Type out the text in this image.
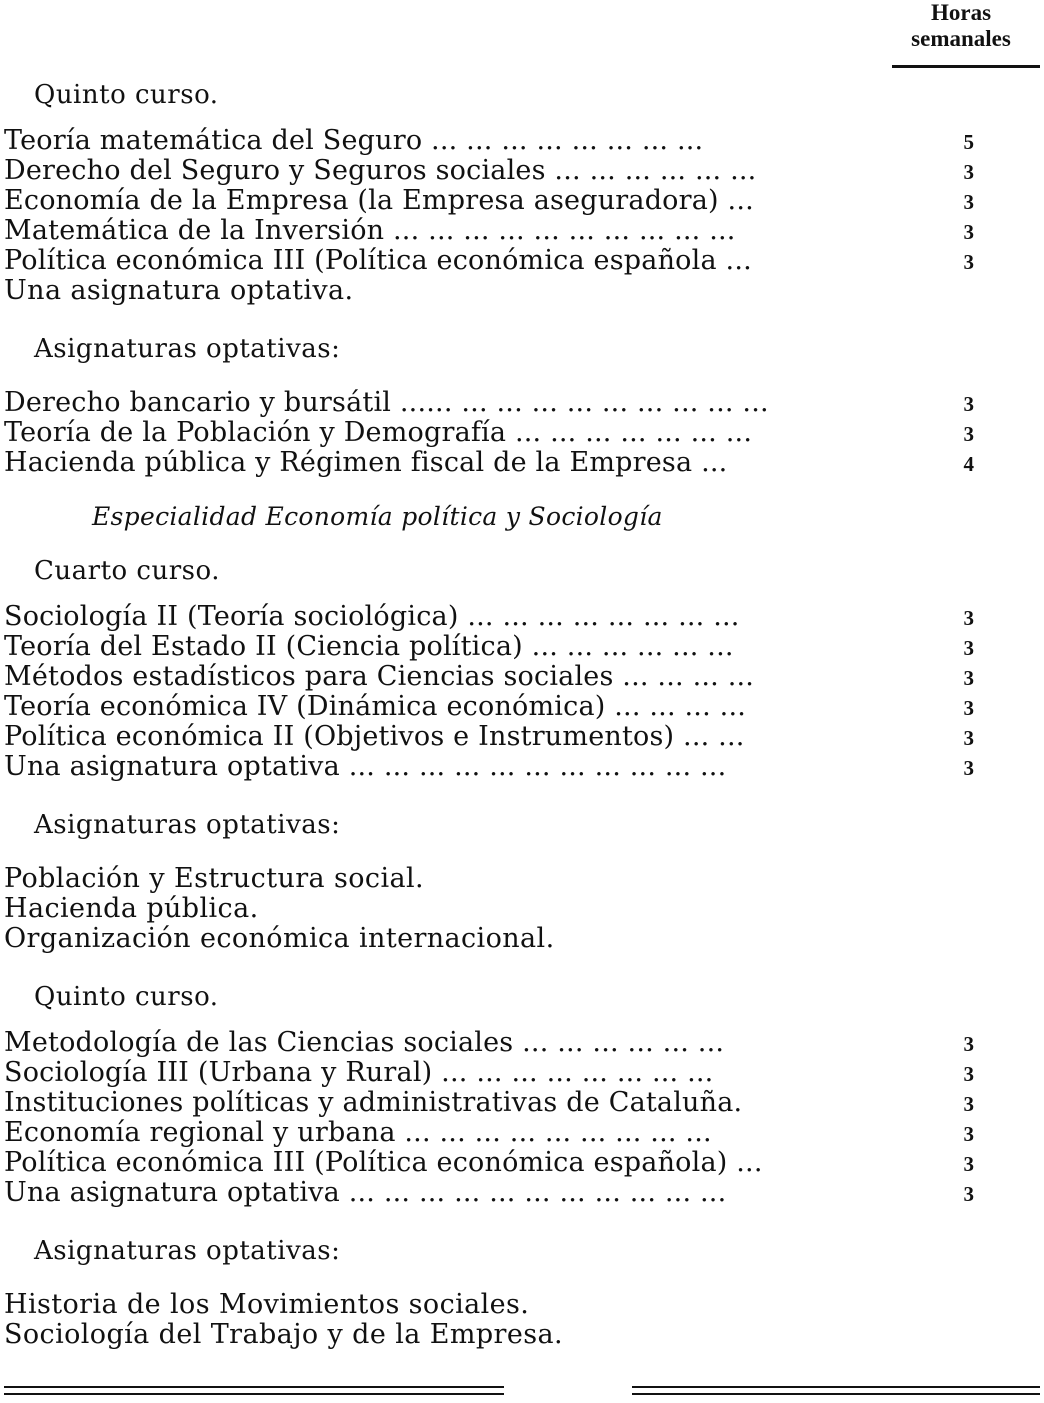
Horas
semanales
Quinto curso.
Teoría matemática del Seguro ... ... ... ... ... ... ... ...	5
Derecho del Seguro y Seguros sociales ... ... ... ... ... ...	3
Economía de la Empresa (la Empresa aseguradora) ...	3
Matemática de la Inversión ... ... ... ... ... ... ... ... ... ...	3
Política económica III (Política económica española ...	3
Una asignatura optativa.
Asignaturas optativas:
Derecho bancario y bursátil ...... ... ... ... ... ... ... ... ... ...	3
Teoría de la Población y Demografía ... ... ... ... ... ... ...	3
Hacienda pública y Régimen fiscal de la Empresa ...	4
Especialidad Economía política y Sociología
Cuarto curso.
Sociología II (Teoría sociológica) ... ... ... ... ... ... ... ...	3
Teoría del Estado II (Ciencia política) ... ... ... ... ... ...	3
Métodos estadísticos para Ciencias sociales ... ... ... ...	3
Teoría económica IV (Dinámica económica) ... ... ... ...	3
Política económica II (Objetivos e Instrumentos) ... ...	3
Una asignatura optativa ... ... ... ... ... ... ... ... ... ... ...	3
Asignaturas optativas:
Población y Estructura social.
Hacienda pública.
Organización económica internacional.
Quinto curso.
Metodología de las Ciencias sociales ... ... ... ... ... ...	3
Sociología III (Urbana y Rural) ... ... ... ... ... ... ... ...	3
Instituciones políticas y administrativas de Cataluña.	3
Economía regional y urbana ... ... ... ... ... ... ... ... ...	3
Política económica III (Política económica española) ...	3
Una asignatura optativa ... ... ... ... ... ... ... ... ... ... ...	3
Asignaturas optativas:
Historia de los Movimientos sociales.
Sociología del Trabajo y de la Empresa.
